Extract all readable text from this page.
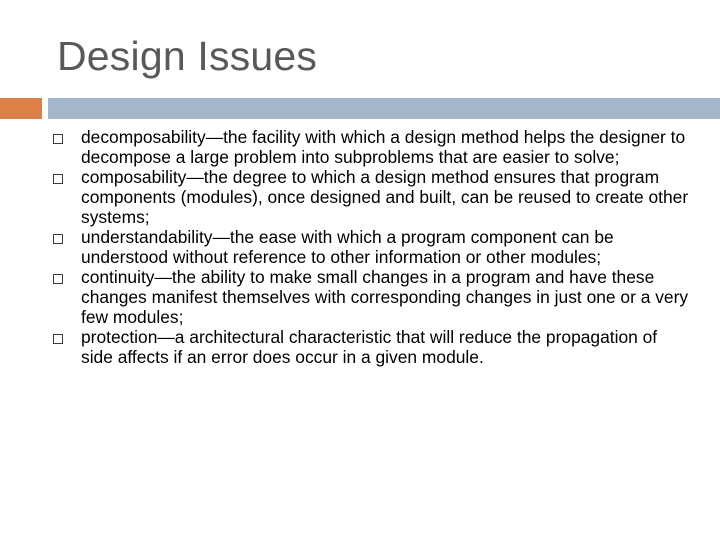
Design Issues
decomposability—the facility with which a design method helps the designer to decompose a large problem into subproblems that are easier to solve;
composability—the degree to which a design method ensures that program components (modules), once designed and built, can be reused to create other systems;
understandability—the ease with which a program component can be understood without reference to other information or other modules;
continuity—the ability to make small changes in a program and have these changes manifest themselves with corresponding changes in just one or a very few modules;
protection—a architectural characteristic that will reduce the propagation of side affects if an error does occur in a given module.
